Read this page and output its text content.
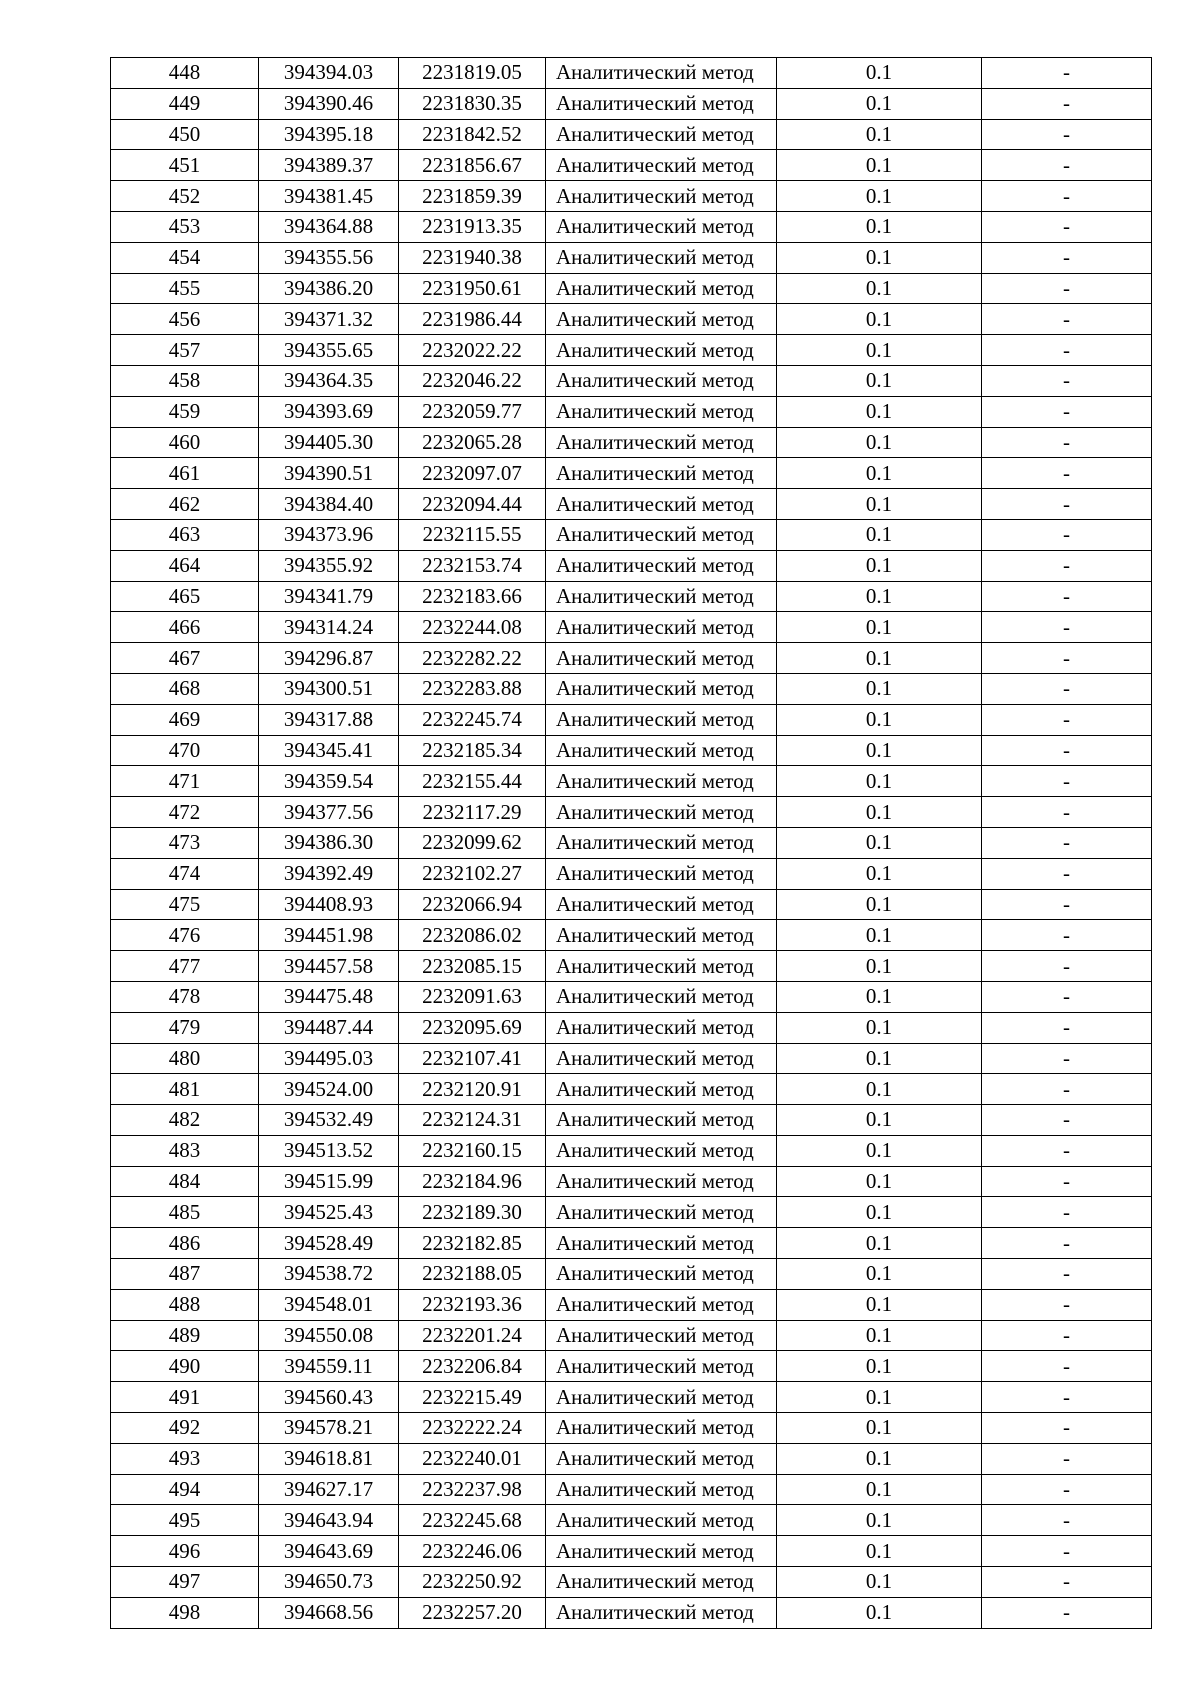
448	394394.03	2231819.05	Аналитический метод	0.1	-
449	394390.46	2231830.35	Аналитический метод	0.1	-
450	394395.18	2231842.52	Аналитический метод	0.1	-
451	394389.37	2231856.67	Аналитический метод	0.1	-
452	394381.45	2231859.39	Аналитический метод	0.1	-
453	394364.88	2231913.35	Аналитический метод	0.1	-
454	394355.56	2231940.38	Аналитический метод	0.1	-
455	394386.20	2231950.61	Аналитический метод	0.1	-
456	394371.32	2231986.44	Аналитический метод	0.1	-
457	394355.65	2232022.22	Аналитический метод	0.1	-
458	394364.35	2232046.22	Аналитический метод	0.1	-
459	394393.69	2232059.77	Аналитический метод	0.1	-
460	394405.30	2232065.28	Аналитический метод	0.1	-
461	394390.51	2232097.07	Аналитический метод	0.1	-
462	394384.40	2232094.44	Аналитический метод	0.1	-
463	394373.96	2232115.55	Аналитический метод	0.1	-
464	394355.92	2232153.74	Аналитический метод	0.1	-
465	394341.79	2232183.66	Аналитический метод	0.1	-
466	394314.24	2232244.08	Аналитический метод	0.1	-
467	394296.87	2232282.22	Аналитический метод	0.1	-
468	394300.51	2232283.88	Аналитический метод	0.1	-
469	394317.88	2232245.74	Аналитический метод	0.1	-
470	394345.41	2232185.34	Аналитический метод	0.1	-
471	394359.54	2232155.44	Аналитический метод	0.1	-
472	394377.56	2232117.29	Аналитический метод	0.1	-
473	394386.30	2232099.62	Аналитический метод	0.1	-
474	394392.49	2232102.27	Аналитический метод	0.1	-
475	394408.93	2232066.94	Аналитический метод	0.1	-
476	394451.98	2232086.02	Аналитический метод	0.1	-
477	394457.58	2232085.15	Аналитический метод	0.1	-
478	394475.48	2232091.63	Аналитический метод	0.1	-
479	394487.44	2232095.69	Аналитический метод	0.1	-
480	394495.03	2232107.41	Аналитический метод	0.1	-
481	394524.00	2232120.91	Аналитический метод	0.1	-
482	394532.49	2232124.31	Аналитический метод	0.1	-
483	394513.52	2232160.15	Аналитический метод	0.1	-
484	394515.99	2232184.96	Аналитический метод	0.1	-
485	394525.43	2232189.30	Аналитический метод	0.1	-
486	394528.49	2232182.85	Аналитический метод	0.1	-
487	394538.72	2232188.05	Аналитический метод	0.1	-
488	394548.01	2232193.36	Аналитический метод	0.1	-
489	394550.08	2232201.24	Аналитический метод	0.1	-
490	394559.11	2232206.84	Аналитический метод	0.1	-
491	394560.43	2232215.49	Аналитический метод	0.1	-
492	394578.21	2232222.24	Аналитический метод	0.1	-
493	394618.81	2232240.01	Аналитический метод	0.1	-
494	394627.17	2232237.98	Аналитический метод	0.1	-
495	394643.94	2232245.68	Аналитический метод	0.1	-
496	394643.69	2232246.06	Аналитический метод	0.1	-
497	394650.73	2232250.92	Аналитический метод	0.1	-
498	394668.56	2232257.20	Аналитический метод	0.1	-
